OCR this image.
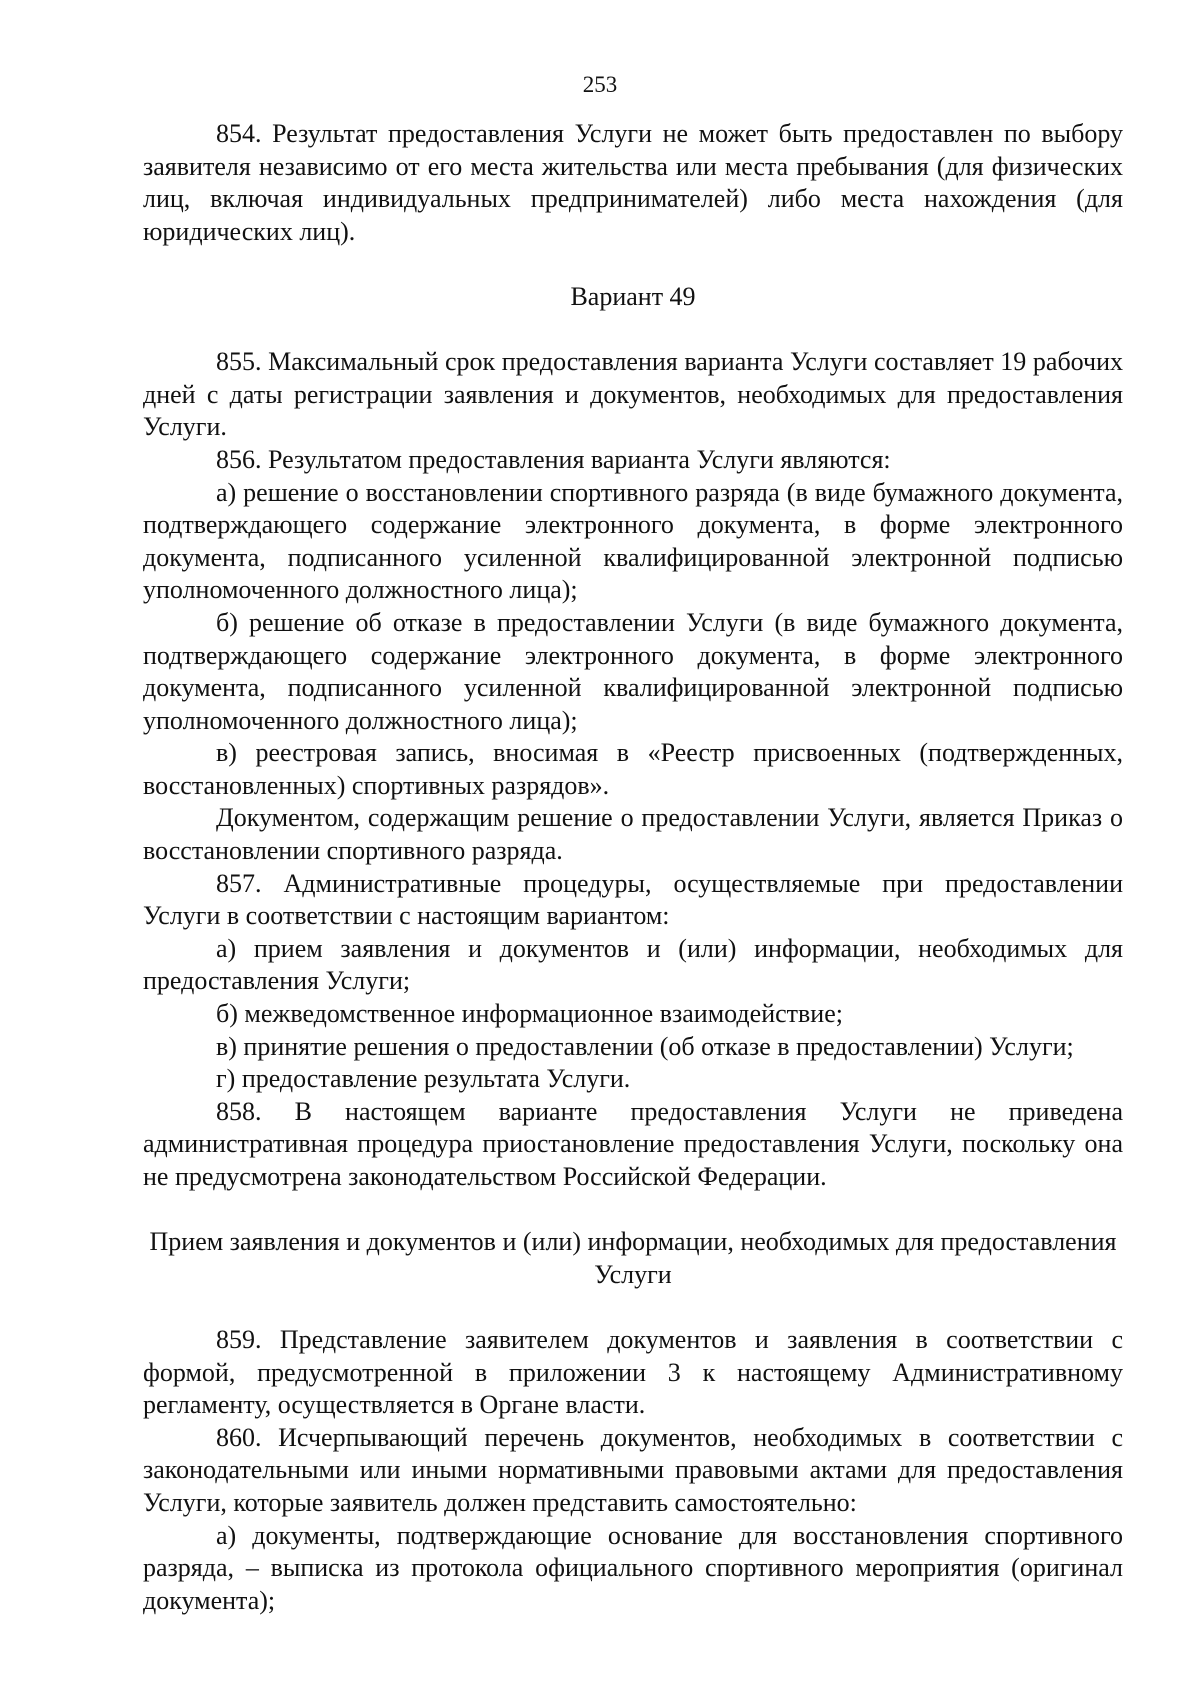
253

854. Результат предоставления Услуги не может быть предоставлен по выбору заявителя независимо от его места жительства или места пребывания (для физических лиц, включая индивидуальных предпринимателей) либо места нахождения (для юридических лиц).

Вариант 49

855. Максимальный срок предоставления варианта Услуги составляет 19 рабочих дней с даты регистрации заявления и документов, необходимых для предоставления Услуги.

856. Результатом предоставления варианта Услуги являются:

а) решение о восстановлении спортивного разряда (в виде бумажного документа, подтверждающего содержание электронного документа, в форме электронного документа, подписанного усиленной квалифицированной электронной подписью уполномоченного должностного лица);

б) решение об отказе в предоставлении Услуги (в виде бумажного документа, подтверждающего содержание электронного документа, в форме электронного документа, подписанного усиленной квалифицированной электронной подписью уполномоченного должностного лица);

в) реестровая запись, вносимая в «Реестр присвоенных (подтвержденных, восстановленных) спортивных разрядов».

Документом, содержащим решение о предоставлении Услуги, является Приказ о восстановлении спортивного разряда.

857. Административные процедуры, осуществляемые при предоставлении Услуги в соответствии с настоящим вариантом:

а) прием заявления и документов и (или) информации, необходимых для предоставления Услуги;

б) межведомственное информационное взаимодействие;

в) принятие решения о предоставлении (об отказе в предоставлении) Услуги;

г) предоставление результата Услуги.

858. В настоящем варианте предоставления Услуги не приведена административная процедура приостановление предоставления Услуги, поскольку она не предусмотрена законодательством Российской Федерации.

Прием заявления и документов и (или) информации, необходимых для предоставления Услуги

859. Представление заявителем документов и заявления в соответствии с формой, предусмотренной в приложении 3 к настоящему Административному регламенту, осуществляется в Органе власти.

860. Исчерпывающий перечень документов, необходимых в соответствии с законодательными или иными нормативными правовыми актами для предоставления Услуги, которые заявитель должен представить самостоятельно:

а) документы, подтверждающие основание для восстановления спортивного разряда, – выписка из протокола официального спортивного мероприятия (оригинал документа);
